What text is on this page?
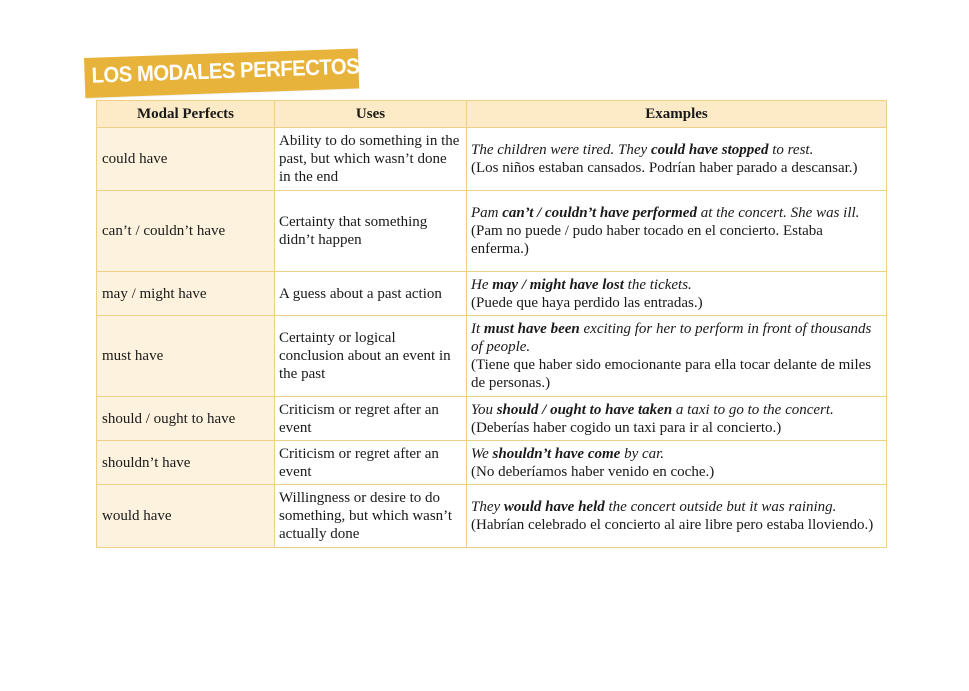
LOS MODALES PERFECTOS
Modal Perfects	Uses	Examples
could have	Ability to do something in the past, but which wasn’t done in the end	The children were tired. They could have stopped to rest.
(Los niños estaban cansados. Podrían haber parado a descansar.)

can’t / couldn’t have	Certainty that something didn’t happen	Pam can’t / couldn’t have performed at the concert. She was ill.
(Pam no puede / pudo haber tocado en el concierto. Estaba enferma.)

may / might have	A guess about a past action	He may / might have lost the tickets.
(Puede que haya perdido las entradas.)

must have	Certainty or logical conclusion about an event in the past	It must have been exciting for her to perform in front of thousands of people.
(Tiene que haber sido emocionante para ella tocar delante de miles de personas.)

should / ought to have	Criticism or regret after an event	You should / ought to have taken a taxi to go to the concert.
(Deberías haber cogido un taxi para ir al concierto.)

shouldn’t have	Criticism or regret after an event	We shouldn’t have come by car.
(No deberíamos haber venido en coche.)

would have	Willingness or desire to do something, but which wasn’t actually done	They would have held the concert outside but it was raining.
(Habrían celebrado el concierto al aire libre pero estaba lloviendo.)
